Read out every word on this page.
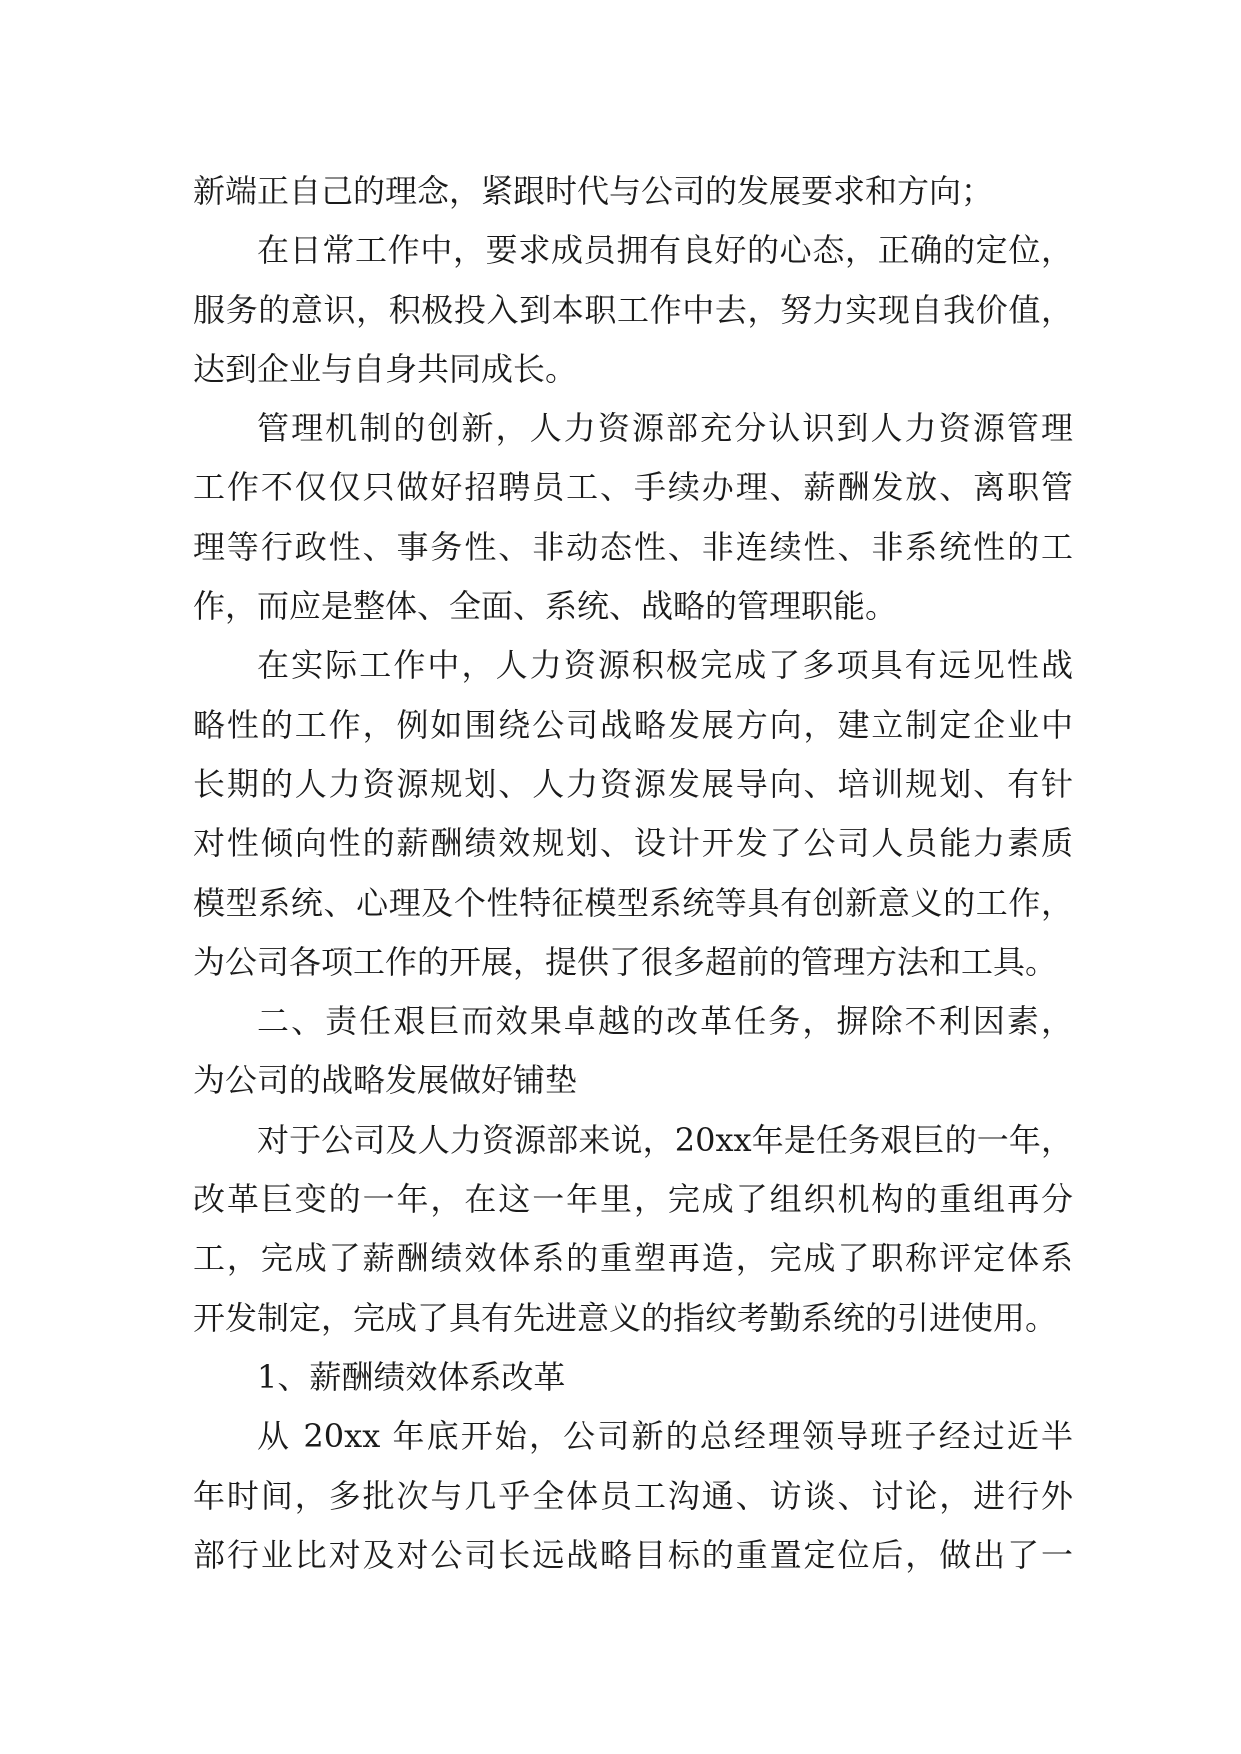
新端正自己的理念，紧跟时代与公司的发展要求和方向；
在日常工作中，要求成员拥有良好的心态，正确的定位，
服务的意识，积极投入到本职工作中去，努力实现自我价值，
达到企业与自身共同成长。
管理机制的创新，人力资源部充分认识到人力资源管理
工作不仅仅只做好招聘员工、手续办理、薪酬发放、离职管
理等行政性、事务性、非动态性、非连续性、非系统性的工
作，而应是整体、全面、系统、战略的管理职能。
在实际工作中，人力资源积极完成了多项具有远见性战
略性的工作，例如围绕公司战略发展方向，建立制定企业中
长期的人力资源规划、人力资源发展导向、培训规划、有针
对性倾向性的薪酬绩效规划、设计开发了公司人员能力素质
模型系统、心理及个性特征模型系统等具有创新意义的工作，
为公司各项工作的开展，提供了很多超前的管理方法和工具。
二、责任艰巨而效果卓越的改革任务，摒除不利因素，
为公司的战略发展做好铺垫
对于公司及人力资源部来说，20xx年是任务艰巨的一年，
改革巨变的一年，在这一年里，完成了组织机构的重组再分
工，完成了薪酬绩效体系的重塑再造，完成了职称评定体系
开发制定，完成了具有先进意义的指纹考勤系统的引进使用。
1、薪酬绩效体系改革
从 20xx 年底开始，公司新的总经理领导班子经过近半
年时间，多批次与几乎全体员工沟通、访谈、讨论，进行外
部行业比对及对公司长远战略目标的重置定位后，做出了一
